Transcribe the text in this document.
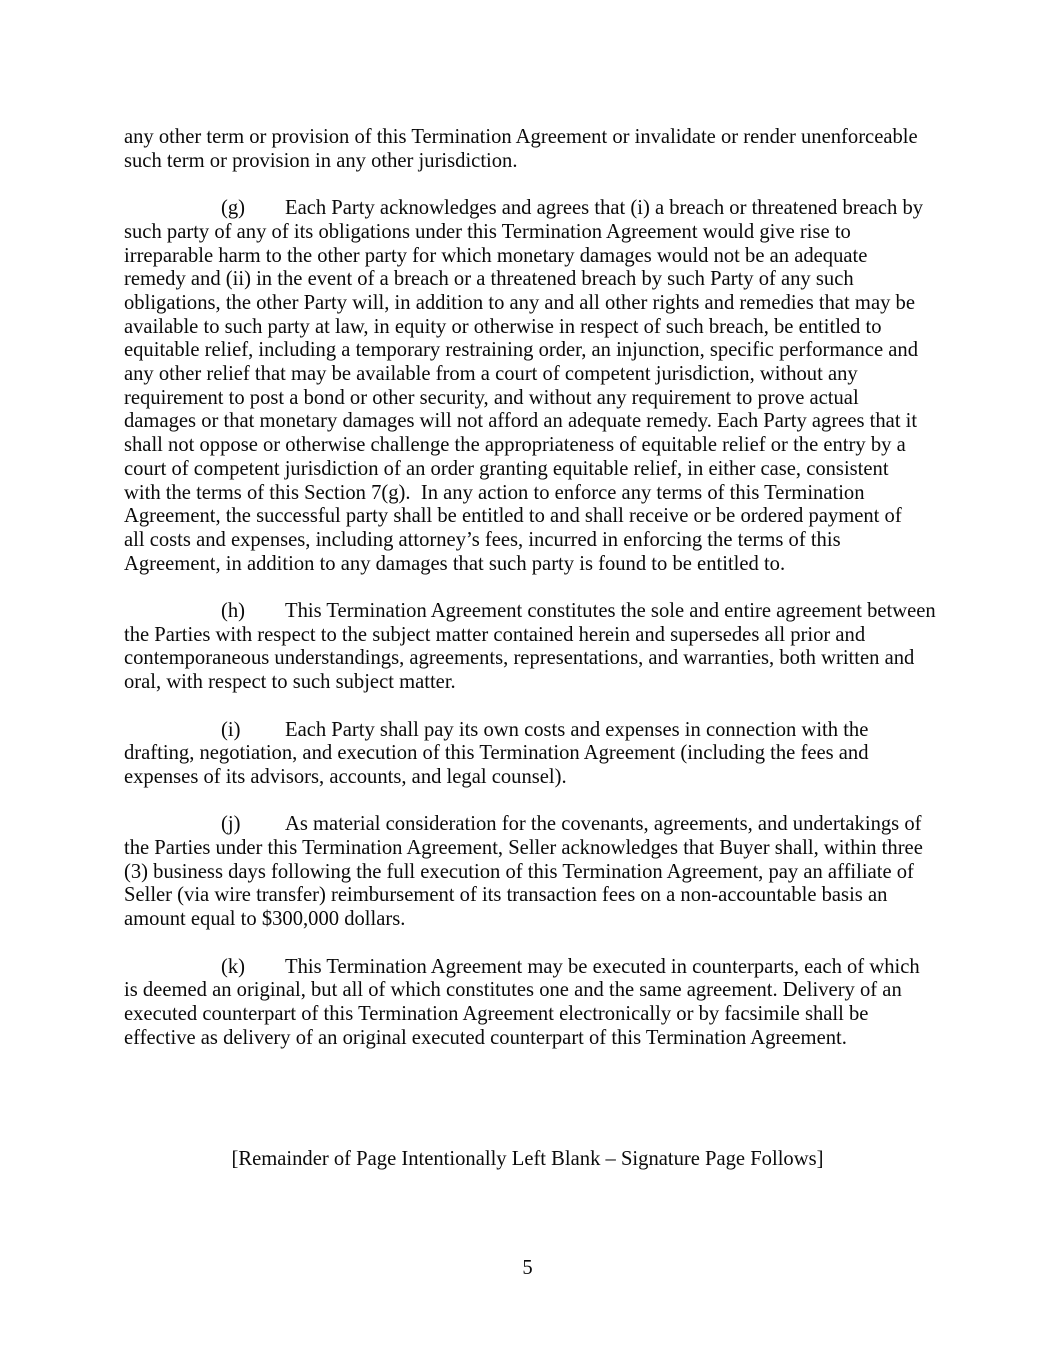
any other term or provision of this Termination Agreement or invalidate or render unenforceable
such term or provision in any other jurisdiction.
(g) Each Party acknowledges and agrees that (i) a breach or threatened breach by
such party of any of its obligations under this Termination Agreement would give rise to
irreparable harm to the other party for which monetary damages would not be an adequate
remedy and (ii) in the event of a breach or a threatened breach by such Party of any such
obligations, the other Party will, in addition to any and all other rights and remedies that may be
available to such party at law, in equity or otherwise in respect of such breach, be entitled to
equitable relief, including a temporary restraining order, an injunction, specific performance and
any other relief that may be available from a court of competent jurisdiction, without any
requirement to post a bond or other security, and without any requirement to prove actual
damages or that monetary damages will not afford an adequate remedy. Each Party agrees that it
shall not oppose or otherwise challenge the appropriateness of equitable relief or the entry by a
court of competent jurisdiction of an order granting equitable relief, in either case, consistent
with the terms of this Section 7(g).  In any action to enforce any terms of this Termination
Agreement, the successful party shall be entitled to and shall receive or be ordered payment of
all costs and expenses, including attorney’s fees, incurred in enforcing the terms of this
Agreement, in addition to any damages that such party is found to be entitled to.
(h) This Termination Agreement constitutes the sole and entire agreement between
the Parties with respect to the subject matter contained herein and supersedes all prior and
contemporaneous understandings, agreements, representations, and warranties, both written and
oral, with respect to such subject matter.
(i) Each Party shall pay its own costs and expenses in connection with the
drafting, negotiation, and execution of this Termination Agreement (including the fees and
expenses of its advisors, accounts, and legal counsel).
(j) As material consideration for the covenants, agreements, and undertakings of
the Parties under this Termination Agreement, Seller acknowledges that Buyer shall, within three
(3) business days following the full execution of this Termination Agreement, pay an affiliate of
Seller (via wire transfer) reimbursement of its transaction fees on a non-accountable basis an
amount equal to $300,000 dollars.
(k) This Termination Agreement may be executed in counterparts, each of which
is deemed an original, but all of which constitutes one and the same agreement. Delivery of an
executed counterpart of this Termination Agreement electronically or by facsimile shall be
effective as delivery of an original executed counterpart of this Termination Agreement.
[Remainder of Page Intentionally Left Blank – Signature Page Follows]
5
